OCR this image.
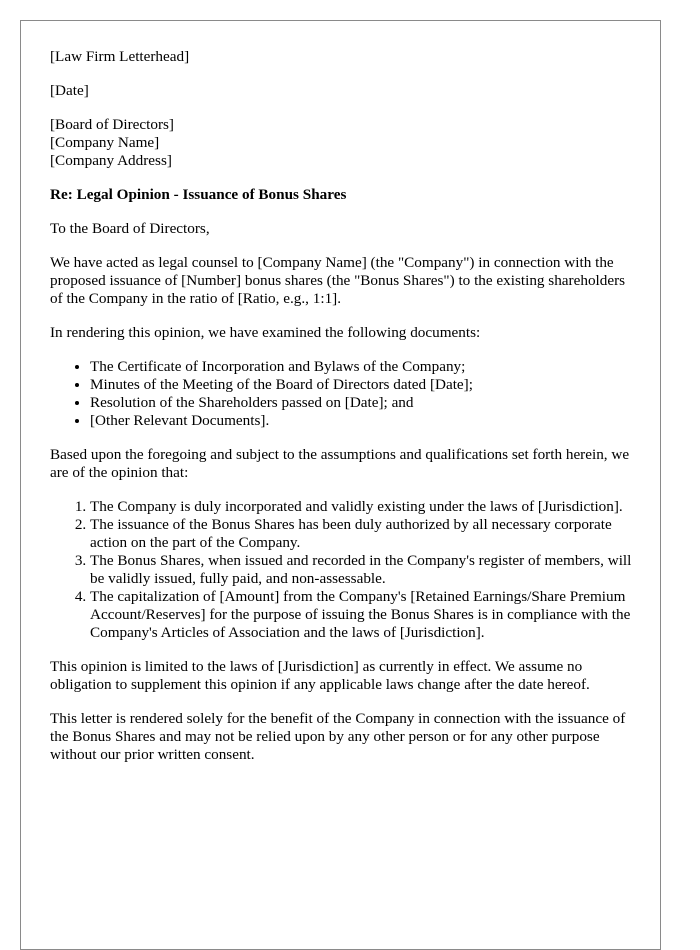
[Law Firm Letterhead]

[Date]

[Board of Directors]
[Company Name]
[Company Address]

Re: Legal Opinion - Issuance of Bonus Shares

To the Board of Directors,

We have acted as legal counsel to [Company Name] (the "Company") in connection with the proposed issuance of [Number] bonus shares (the "Bonus Shares") to the existing shareholders of the Company in the ratio of [Ratio, e.g., 1:1].

In rendering this opinion, we have examined the following documents:

• The Certificate of Incorporation and Bylaws of the Company;
• Minutes of the Meeting of the Board of Directors dated [Date];
• Resolution of the Shareholders passed on [Date]; and
• [Other Relevant Documents].

Based upon the foregoing and subject to the assumptions and qualifications set forth herein, we are of the opinion that:

1. The Company is duly incorporated and validly existing under the laws of [Jurisdiction].
2. The issuance of the Bonus Shares has been duly authorized by all necessary corporate action on the part of the Company.
3. The Bonus Shares, when issued and recorded in the Company's register of members, will be validly issued, fully paid, and non-assessable.
4. The capitalization of [Amount] from the Company's [Retained Earnings/Share Premium Account/Reserves] for the purpose of issuing the Bonus Shares is in compliance with the Company's Articles of Association and the laws of [Jurisdiction].

This opinion is limited to the laws of [Jurisdiction] as currently in effect. We assume no obligation to supplement this opinion if any applicable laws change after the date hereof.

This letter is rendered solely for the benefit of the Company in connection with the issuance of the Bonus Shares and may not be relied upon by any other person or for any other purpose without our prior written consent.
